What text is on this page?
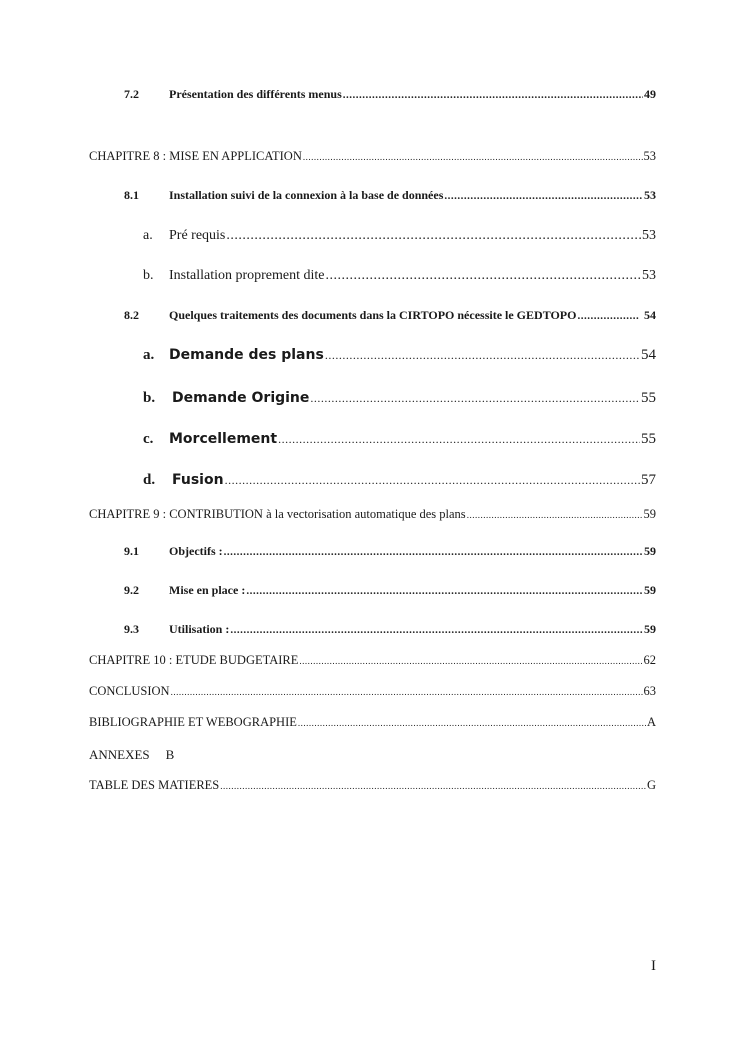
7.2	Présentation des différents menus .....	49
CHAPITRE 8 : MISE EN APPLICATION .....	53
8.1	Installation suivi de la connexion à la base de données .....	53
a.	Pré requis .....	53
b.	Installation proprement dite .....	53
8.2	Quelques traitements des documents dans la CIRTOPO nécessite le GEDTOPO .....	54
a.	Demande des plans .....	54
b.	Demande Origine .....	55
c.	Morcellement .....	55
d.	Fusion .....	57
CHAPITRE 9 : CONTRIBUTION à la vectorisation automatique des plans .....	59
9.1	Objectifs : .....	59
9.2	Mise en place : .....	59
9.3	Utilisation : .....	59
CHAPITRE 10 : ETUDE BUDGETAIRE .....	62
CONCLUSION .....	63
BIBLIOGRAPHIE ET WEBOGRAPHIE .....	A
ANNEXES B
TABLE DES MATIERES .....	G
I
